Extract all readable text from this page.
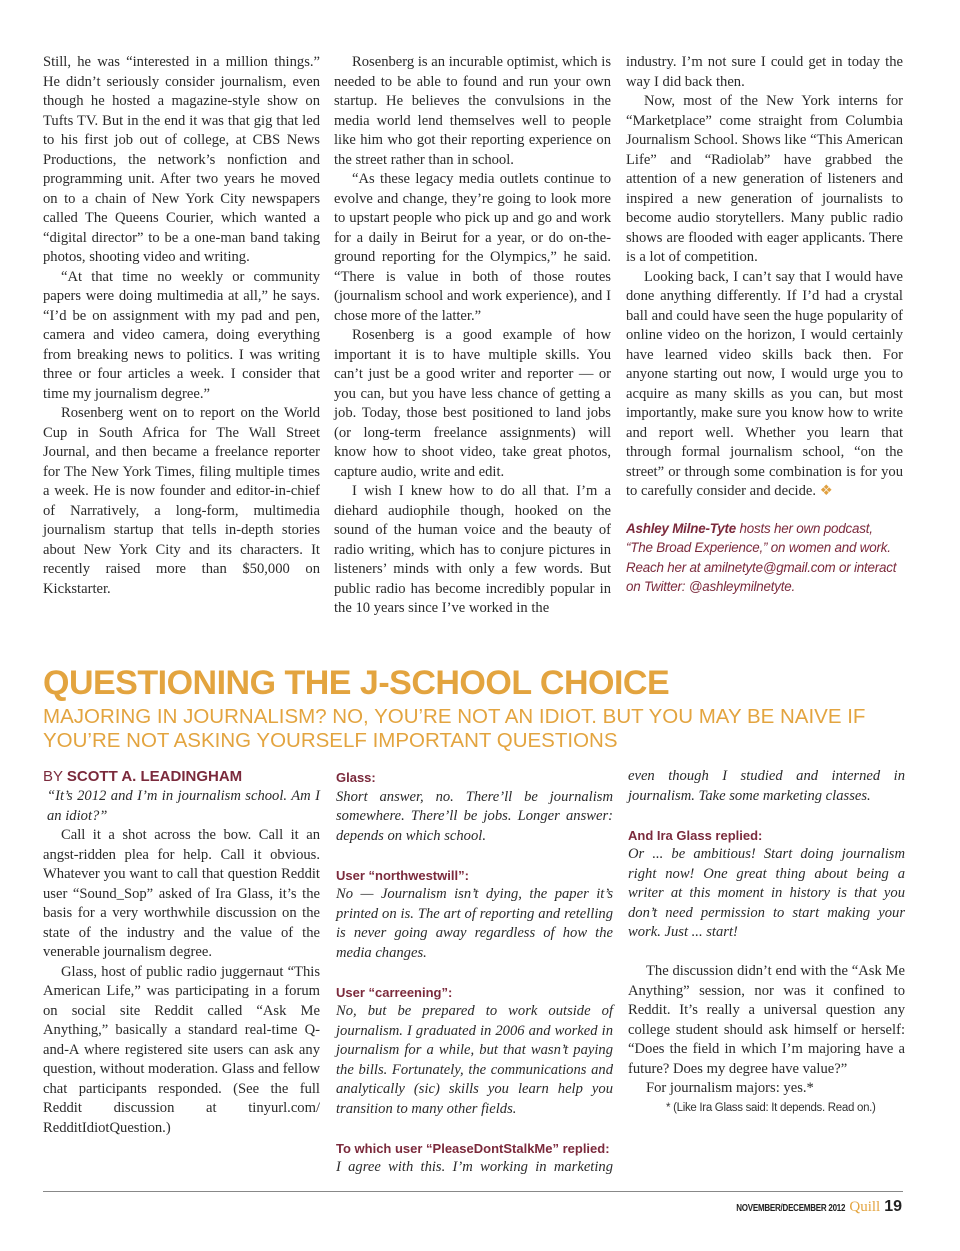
Still, he was “interested in a million things.” He didn’t seriously consider journalism, even though he hosted a magazine-style show on Tufts TV. But in the end it was that gig that led to his first job out of college, at CBS News Productions, the network’s nonfiction and programming unit. After two years he moved on to a chain of New York City newspapers called The Queens Courier, which wanted a “digital director” to be a one-man band taking photos, shooting video and writing.

“At that time no weekly or community papers were doing multimedia at all,” he says. “I’d be on assignment with my pad and pen, camera and video camera, doing everything from breaking news to politics. I was writing three or four articles a week. I consider that time my journalism degree.”

Rosenberg went on to report on the World Cup in South Africa for The Wall Street Journal, and then became a freelance reporter for The New York Times, filing multiple times a week. He is now founder and editor-in-chief of Narratively, a long-form, multimedia journalism startup that tells in-depth stories about New York City and its characters. It recently raised more than $50,000 on Kickstarter.

Rosenberg is an incurable optimist, which is needed to be able to found and run your own startup. He believes the convulsions in the media world lend themselves well to people like him who got their reporting experience on the street rather than in school.

“As these legacy media outlets continue to evolve and change, they’re going to look more to upstart people who pick up and go and work for a daily in Beirut for a year, or do on-the-ground reporting for the Olympics,” he said. “There is value in both of those routes (journalism school and work experience), and I chose more of the latter.”

Rosenberg is a good example of how important it is to have multiple skills. You can’t just be a good writer and reporter — or you can, but you have less chance of getting a job. Today, those best positioned to land jobs (or long-term freelance assignments) will know how to shoot video, take great photos, capture audio, write and edit.

I wish I knew how to do all that. I’m a diehard audiophile though, hooked on the sound of the human voice and the beauty of radio writing, which has to conjure pictures in listeners’ minds with only a few words. But public radio has become incredibly popular in the 10 years since I’ve worked in the

industry. I’m not sure I could get in today the way I did back then.

Now, most of the New York interns for “Marketplace” come straight from Columbia Journalism School. Shows like “This American Life” and “Radiolab” have grabbed the attention of a new generation of listeners and inspired a new generation of journalists to become audio storytellers. Many public radio shows are flooded with eager applicants. There is a lot of competition.

Looking back, I can’t say that I would have done anything differently. If I’d had a crystal ball and could have seen the huge popularity of online video on the horizon, I would certainly have learned video skills back then. For anyone starting out now, I would urge you to acquire as many skills as you can, but most importantly, make sure you know how to write and report well. Whether you learn that through formal journalism school, “on the street” or through some combination is for you to carefully consider and decide. ❖

Ashley Milne-Tyte hosts her own podcast, “The Broad Experience,” on women and work. Reach her at amilnetyte@gmail.com or interact on Twitter: @ashleymilnetyte.
QUESTIONING THE J-SCHOOL CHOICE

MAJORING IN JOURNALISM? NO, YOU’RE NOT AN IDIOT. BUT YOU MAY BE NAIVE IF YOU’RE NOT ASKING YOURSELF IMPORTANT QUESTIONS

BY SCOTT A. LEADINGHAM

“It’s 2012 and I’m in journalism school. Am I an idiot?”

Call it a shot across the bow. Call it an angst-ridden plea for help. Call it obvious. Whatever you want to call that question Reddit user “Sound_Sop” asked of Ira Glass, it’s the basis for a very worthwhile discussion on the state of the industry and the value of the venerable journalism degree.

Glass, host of public radio juggernaut “This American Life,” was participating in a forum on social site Reddit called “Ask Me Anything,” basically a standard real-time Q-and-A where registered site users can ask any question, without moderation. Glass and fellow chat participants responded. (See the full Reddit discussion at tinyurl.com/ RedditIdiotQuestion.)

Glass:

Short answer, no. There’ll be journalism somewhere. There’ll be jobs. Longer answer: depends on which school.

User “northwestwill”:

No — Journalism isn’t dying, the paper it’s printed on is. The art of reporting and retelling is never going away regardless of how the media changes.

User “carreening”:

No, but be prepared to work outside of journalism. I graduated in 2006 and worked in journalism for a while, but that wasn’t paying the bills. Fortunately, the communications and analytically (sic) skills you learn help you transition to many other fields.

To which user “PleaseDontStalkMe” replied:

I agree with this. I’m working in marketing

even though I studied and interned in journalism. Take some marketing classes.

And Ira Glass replied:

Or ... be ambitious! Start doing journalism right now! One great thing about being a writer at this moment in history is that you don’t need permission to start making your work. Just ... start!

The discussion didn’t end with the “Ask Me Anything” session, nor was it confined to Reddit. It’s really a universal question any college student should ask himself or herself: “Does the field in which I’m majoring have a future? Does my degree have value?”

For journalism majors: yes.*

* (Like Ira Glass said: It depends. Read on.)

NOVEMBER/DECEMBER 2012 Quill 19
